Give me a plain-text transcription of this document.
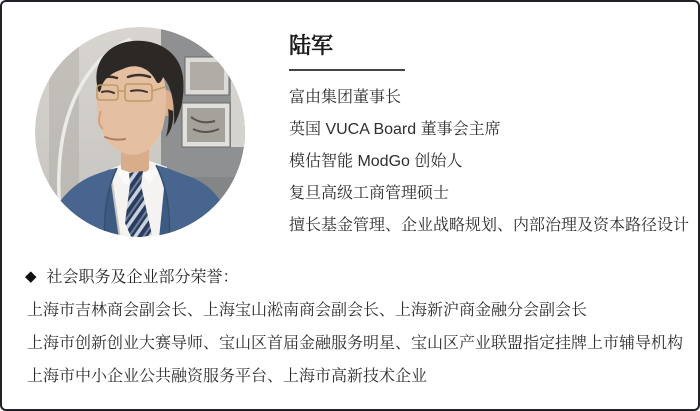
陆军

富由集团董事长

英国 VUCA Board 董事会主席

模估智能 ModGo 创始人

复旦高级工商管理硕士

擅长基金管理、企业战略规划、内部治理及资本路径设计

◆ 社会职务及企业部分荣誉：

上海市吉林商会副会长、上海宝山淞南商会副会长、上海新沪商金融分会副会长

上海市创新创业大赛导师、宝山区首届金融服务明星、宝山区产业联盟指定挂牌上市辅导机构

上海市中小企业公共融资服务平台、上海市高新技术企业
